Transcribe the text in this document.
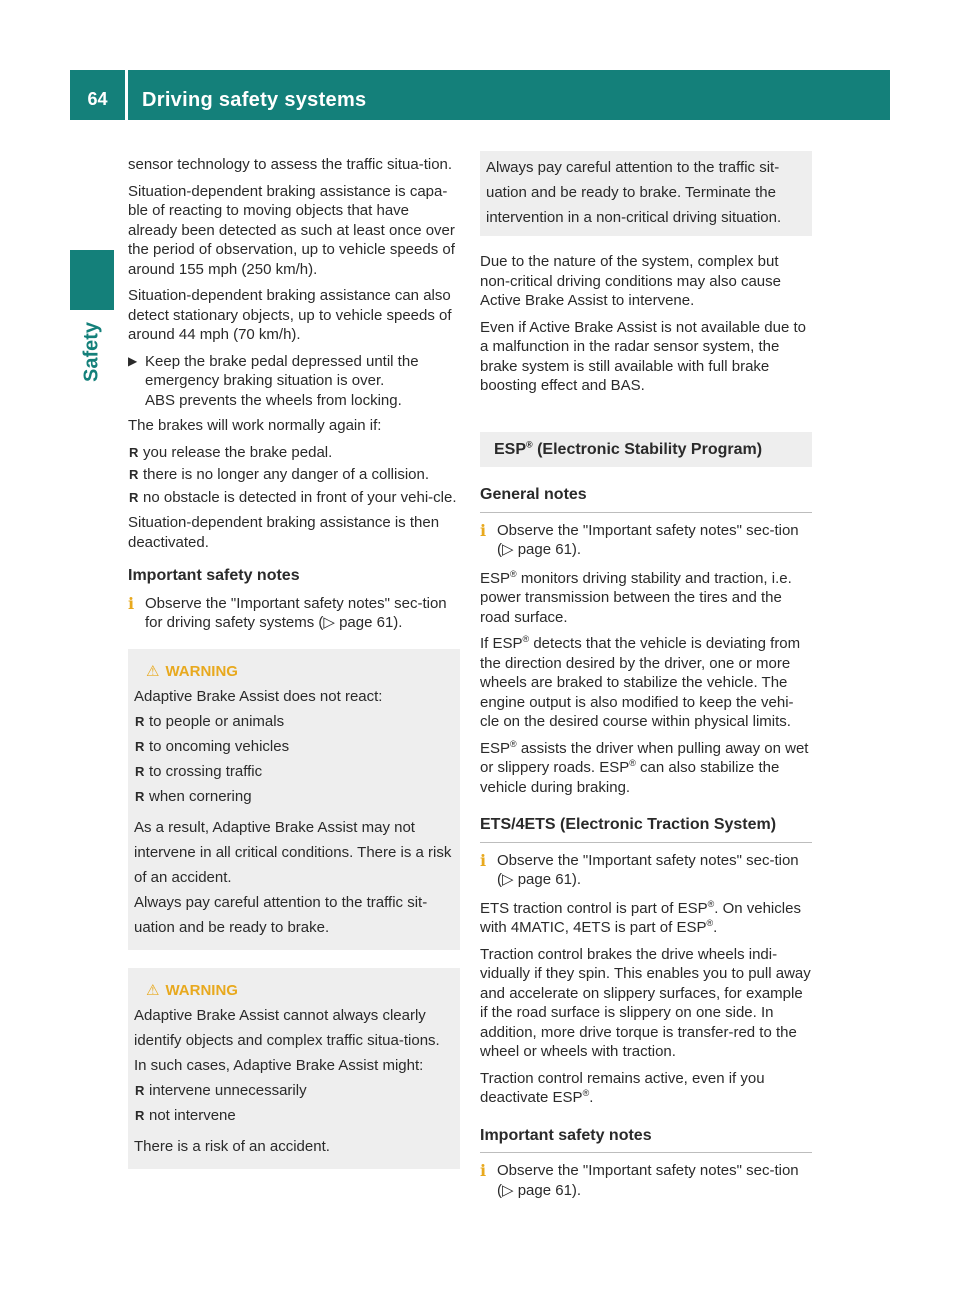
64	Driving safety systems
Safety

sensor technology to assess the traffic situa-tion.

Situation-dependent braking assistance is capa-ble of reacting to moving objects that have already been detected as such at least once over the period of observation, up to vehicle speeds of around 155 mph (250 km/h).

Situation-dependent braking assistance can also detect stationary objects, up to vehicle speeds of around 44 mph (70 km/h).

▶ Keep the brake pedal depressed until the emergency braking situation is over.
ABS prevents the wheels from locking.

The brakes will work normally again if:

R you release the brake pedal.
R there is no longer any danger of a collision.
R no obstacle is detected in front of your vehi-cle.

Situation-dependent braking assistance is then deactivated.

Important safety notes
i Observe the "Important safety notes" sec-tion for driving safety systems (▷ page 61).
⚠ WARNING

Adaptive Brake Assist does not react:

R to people or animals
R to oncoming vehicles
R to crossing traffic
R when cornering

As a result, Adaptive Brake Assist may not intervene in all critical conditions. There is a risk of an accident.

Always pay careful attention to the traffic sit-uation and be ready to brake.

⚠ WARNING

Adaptive Brake Assist cannot always clearly identify objects and complex traffic situa-tions.

In such cases, Adaptive Brake Assist might:

R intervene unnecessarily
R not intervene

There is a risk of an accident.

Always pay careful attention to the traffic sit-uation and be ready to brake. Terminate the intervention in a non-critical driving situation.

Due to the nature of the system, complex but non-critical driving conditions may also cause Active Brake Assist to intervene.

Even if Active Brake Assist is not available due to a malfunction in the radar sensor system, the brake system is still available with full brake boosting effect and BAS.

ESP® (Electronic Stability Program)
General notes
i Observe the "Important safety notes" sec-tion (▷ page 61).

ESP® monitors driving stability and traction, i.e. power transmission between the tires and the road surface.

If ESP® detects that the vehicle is deviating from the direction desired by the driver, one or more wheels are braked to stabilize the vehicle. The engine output is also modified to keep the vehi-cle on the desired course within physical limits.

ESP® assists the driver when pulling away on wet or slippery roads. ESP® can also stabilize the vehicle during braking.

ETS/4ETS (Electronic Traction System)
i Observe the "Important safety notes" sec-tion (▷ page 61).

ETS traction control is part of ESP®. On vehicles with 4MATIC, 4ETS is part of ESP®.

Traction control brakes the drive wheels indi-vidually if they spin. This enables you to pull away and accelerate on slippery surfaces, for example if the road surface is slippery on one side. In addition, more drive torque is transfer-red to the wheel or wheels with traction.

Traction control remains active, even if you deactivate ESP®.

Important safety notes
i Observe the "Important safety notes" sec-tion (▷ page 61).
